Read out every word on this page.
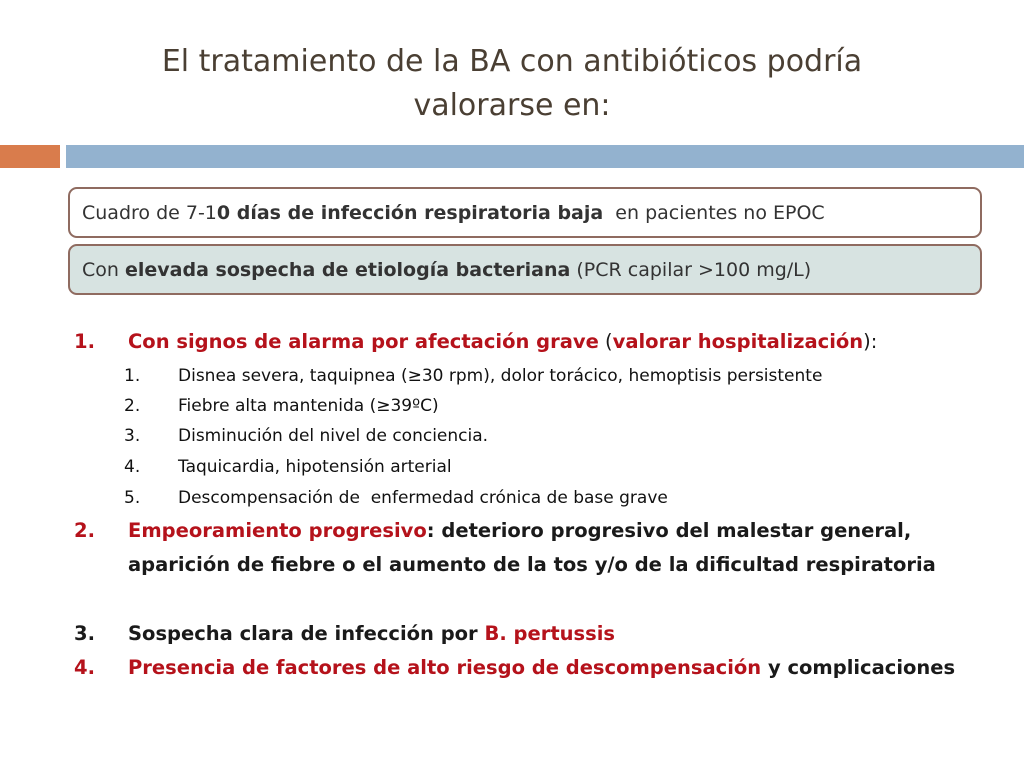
El tratamiento de la BA con antibióticos podría
valorarse en:
Cuadro de 7-1 0 días de infección respiratoria baja en pacientes no EPOC
Con elevada sospecha de etiología bacteriana (PCR capilar >100 mg/L)
1.	Con signos de alarma por afectación grave (valorar hospitalización):
1.	Disnea severa, taquipnea (≥30 rpm), dolor torácico, hemoptisis persistente
2.	Fiebre alta mantenida (≥39ºC)
3.	Disminución del nivel de conciencia.
4.	Taquicardia, hipotensión arterial
5.	Descompensación de  enfermedad crónica de base grave
2.	Empeoramiento progresivo: deterioro progresivo del malestar general, aparición de fiebre o el aumento de la tos y/o de la dificultad respiratoria
3.	Sospecha clara de infección por B. pertussis
4.	Presencia de factores de alto riesgo de descompensación y complicaciones
